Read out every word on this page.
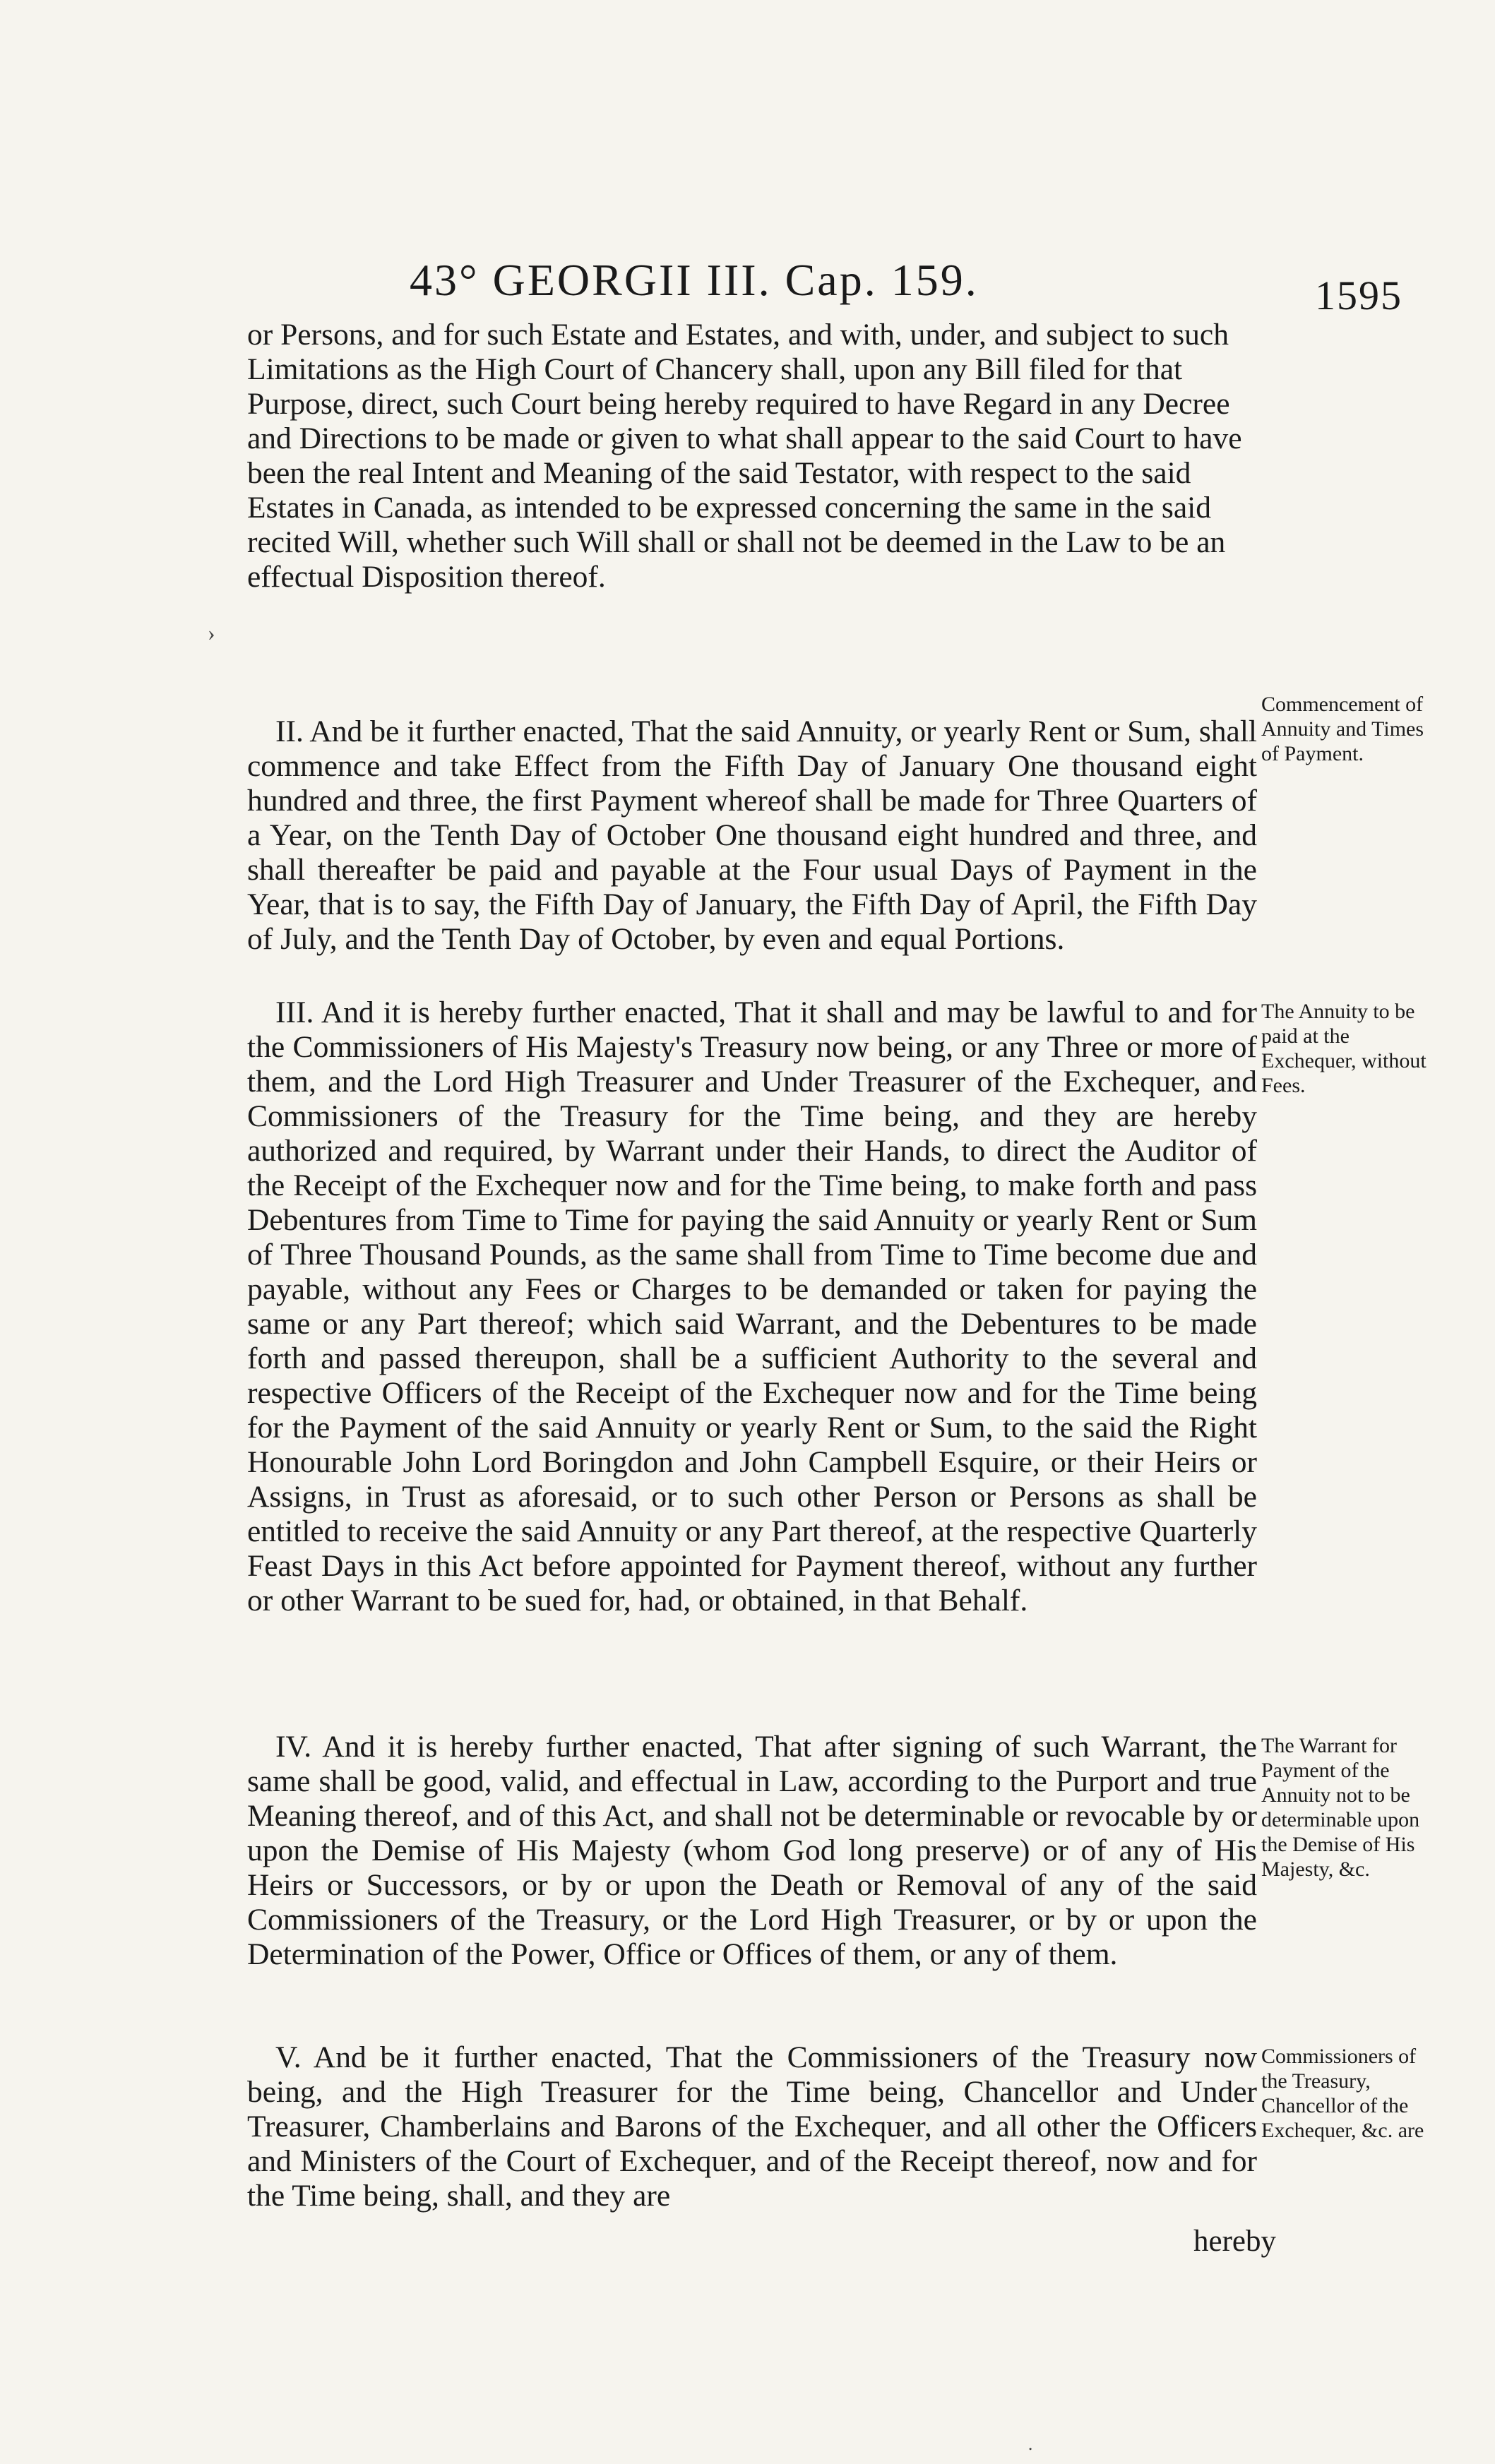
43° GEORGII III. Cap. 159.	1595

or Persons, and for such Estate and Estates, and with, under, and subject to such Limitations as the High Court of Chancery shall, upon any Bill filed for that Purpose, direct, such Court being hereby required to have Regard in any Decree and Directions to be made or given to what shall appear to the said Court to have been the real Intent and Meaning of the said Testator, with respect to the said Estates in Canada, as intended to be expressed concerning the same in the said recited Will, whether such Will shall or shall not be deemed in the Law to be an effectual Disposition thereof.

II. And be it further enacted, That the said Annuity, or yearly Rent or Sum, shall commence and take Effect from the Fifth Day of January One thousand eight hundred and three, the first Payment whereof shall be made for Three Quarters of a Year, on the Tenth Day of October One thousand eight hundred and three, and shall thereafter be paid and payable at the Four usual Days of Payment in the Year, that is to say, the Fifth Day of January, the Fifth Day of April, the Fifth Day of July, and the Tenth Day of October, by even and equal Portions.

Commencement of Annuity and Times of Payment.

III. And it is hereby further enacted, That it shall and may be lawful to and for the Commissioners of His Majesty's Treasury now being, or any Three or more of them, and the Lord High Treasurer and Under Treasurer of the Exchequer, and Commissioners of the Treasury for the Time being, and they are hereby authorized and required, by Warrant under their Hands, to direct the Auditor of the Receipt of the Exchequer now and for the Time being, to make forth and pass Debentures from Time to Time for paying the said Annuity or yearly Rent or Sum of Three Thousand Pounds, as the same shall from Time to Time become due and payable, without any Fees or Charges to be demanded or taken for paying the same or any Part thereof; which said Warrant, and the Debentures to be made forth and passed thereupon, shall be a sufficient Authority to the several and respective Officers of the Receipt of the Exchequer now and for the Time being for the Payment of the said Annuity or yearly Rent or Sum, to the said the Right Honourable John Lord Boringdon and John Campbell Esquire, or their Heirs or Assigns, in Trust as aforesaid, or to such other Person or Persons as shall be entitled to receive the said Annuity or any Part thereof, at the respective Quarterly Feast Days in this Act before appointed for Payment thereof, without any further or other Warrant to be sued for, had, or obtained, in that Behalf.

The Annuity to be paid at the Exchequer, without Fees.

IV. And it is hereby further enacted, That after signing of such Warrant, the same shall be good, valid, and effectual in Law, according to the Purport and true Meaning thereof, and of this Act, and shall not be determinable or revocable by or upon the Demise of His Majesty (whom God long preserve) or of any of His Heirs or Successors, or by or upon the Death or Removal of any of the said Commissioners of the Treasury, or the Lord High Treasurer, or by or upon the Determination of the Power, Office or Offices of them, or any of them.

The Warrant for Payment of the Annuity not to be determinable upon the Demise of His Majesty, &c.

V. And be it further enacted, That the Commissioners of the Treasury now being, and the High Treasurer for the Time being, Chancellor and Under Treasurer, Chamberlains and Barons of the Exchequer, and all other the Officers and Ministers of the Court of Exchequer, and of the Receipt thereof, now and for the Time being, shall, and they are

Commissioners of the Treasury, Chancellor of the Exchequer, &c. are
hereby
⋅
›
